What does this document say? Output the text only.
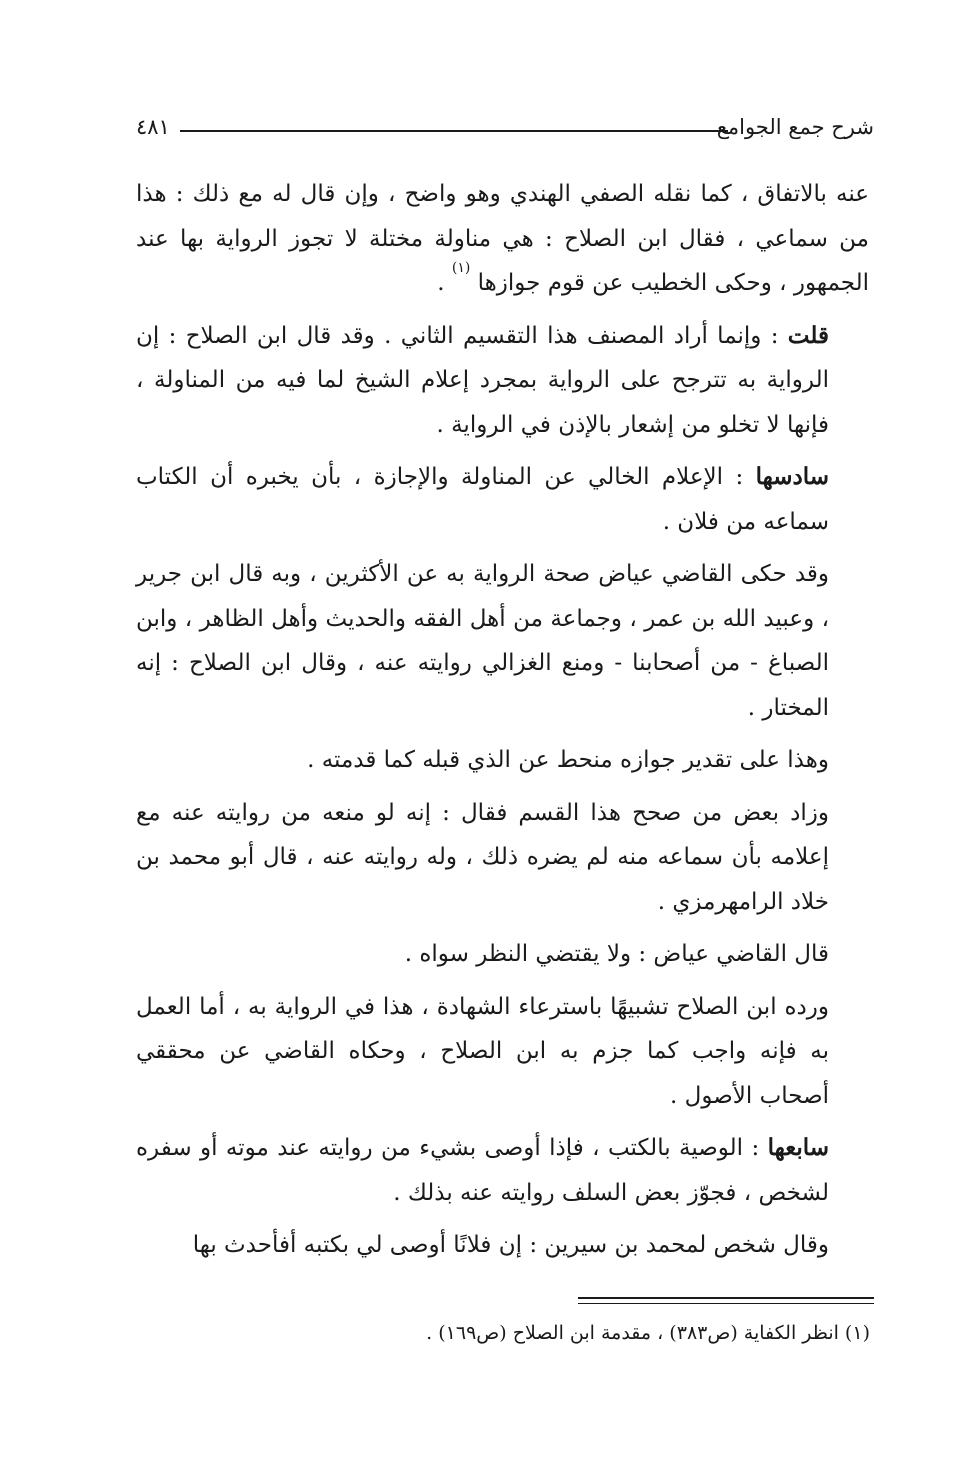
شرح جمع الجوامع
٤٨١

عنه بالاتفاق ، كما نقله الصفي الهندي وهو واضح ، وإن قال له مع ذلك : هذا من سماعي ، فقال ابن الصلاح : هي مناولة مختلة لا تجوز الرواية بها عند الجمهور ، وحكى الخطيب عن قوم جوازها $^{(١)}$ .

قلت : وإنما أراد المصنف هذا التقسيم الثاني . وقد قال ابن الصلاح : إن الرواية به تترجح على الرواية بمجرد إعلام الشيخ لما فيه من المناولة ، فإنها لا تخلو من إشعار بالإذن في الرواية .

سادسها : الإعلام الخالي عن المناولة والإجازة ، بأن يخبره أن الكتاب سماعه من فلان .

وقد حكى القاضي عياض صحة الرواية به عن الأكثرين ، وبه قال ابن جرير ، وعبيد الله بن عمر ، وجماعة من أهل الفقه والحديث وأهل الظاهر ، وابن الصباغ - من أصحابنا - ومنع الغزالي روايته عنه ، وقال ابن الصلاح : إنه المختار .

وهذا على تقدير جوازه منحط عن الذي قبله كما قدمته .

وزاد بعض من صحح هذا القسم فقال : إنه لو منعه من روايته عنه مع إعلامه بأن سماعه منه لم يضره ذلك ، وله روايته عنه ، قال أبو محمد بن خلاد الرامهرمزي .

قال القاضي عياض : ولا يقتضي النظر سواه .

ورده ابن الصلاح تشبيهًا باسترعاء الشهادة ، هذا في الرواية به ، أما العمل به فإنه واجب كما جزم به ابن الصلاح ، وحكاه القاضي عن محققي أصحاب الأصول .

سابعها : الوصية بالكتب ، فإذا أوصى بشيء من روايته عند موته أو سفره لشخص ، فجوّز بعض السلف روايته عنه بذلك .

وقال شخص لمحمد بن سيرين : إن فلانًا أوصى لي بكتبه أفأحدث بها

(١) انظر الكفاية (ص٣٨٣) ، مقدمة ابن الصلاح (ص١٦٩) .
